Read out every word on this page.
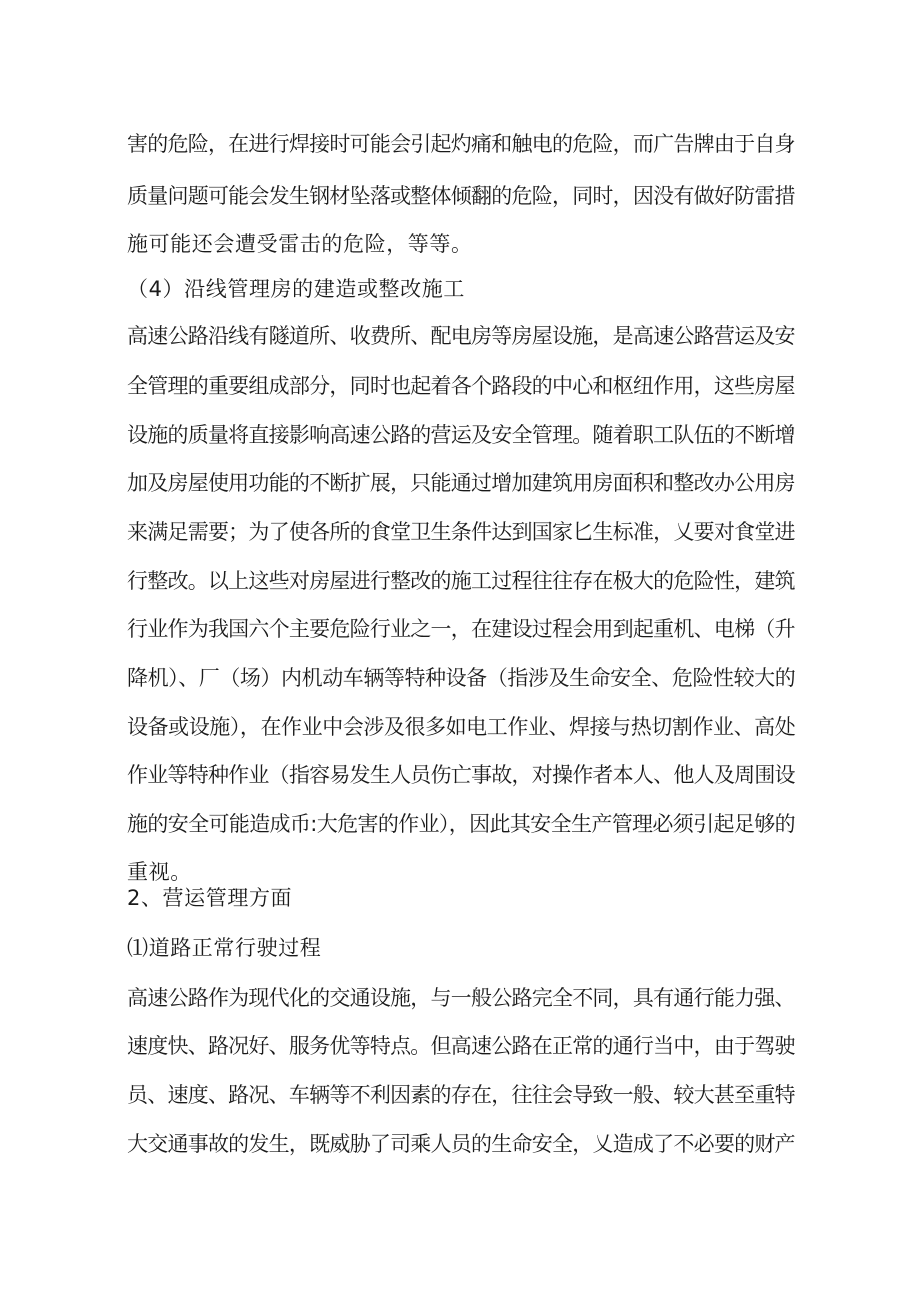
害的危险，在进行焊接时可能会引起灼痛和触电的危险，而广告牌由于自身
质量问题可能会发生钢材坠落或整体倾翻的危险，同时，因没有做好防雷措
施可能还会遭受雷击的危险，等等。
（4）沿线管理房的建造或整改施工
高速公路沿线有隧道所、收费所、配电房等房屋设施，是高速公路营运及安
全管理的重要组成部分，同时也起着各个路段的中心和枢纽作用，这些房屋
设施的质量将直接影响高速公路的营运及安全管理。随着职工队伍的不断增
加及房屋使用功能的不断扩展，只能通过增加建筑用房面积和整改办公用房
来满足需要；为了使各所的食堂卫生条件达到国家匕生标准，乂要对食堂进
行整改。以上这些对房屋进行整改的施工过程往往存在极大的危险性，建筑
行业作为我国六个主要危险行业之一，在建设过程会用到起重机、电梯（升
降机）、厂（场）内机动车辆等特种设备（指涉及生命安全、危险性较大的
设备或设施），在作业中会涉及很多如电工作业、焊接与热切割作业、高处
作业等特种作业（指容易发生人员伤亡事故，对操作者本人、他人及周围设
施的安全可能造成币:大危害的作业），因此其安全生产管理必须引起足够的
重视。
2、营运管理方面
⑴道路正常行驶过程
高速公路作为现代化的交通设施，与一般公路完全不同，具有通行能力强、
速度快、路况好、服务优等特点。但高速公路在正常的通行当中，由于驾驶
员、速度、路况、车辆等不利因素的存在，往往会导致一般、较大甚至重特
大交通事故的发生，既威胁了司乘人员的生命安全，乂造成了不必要的财产
